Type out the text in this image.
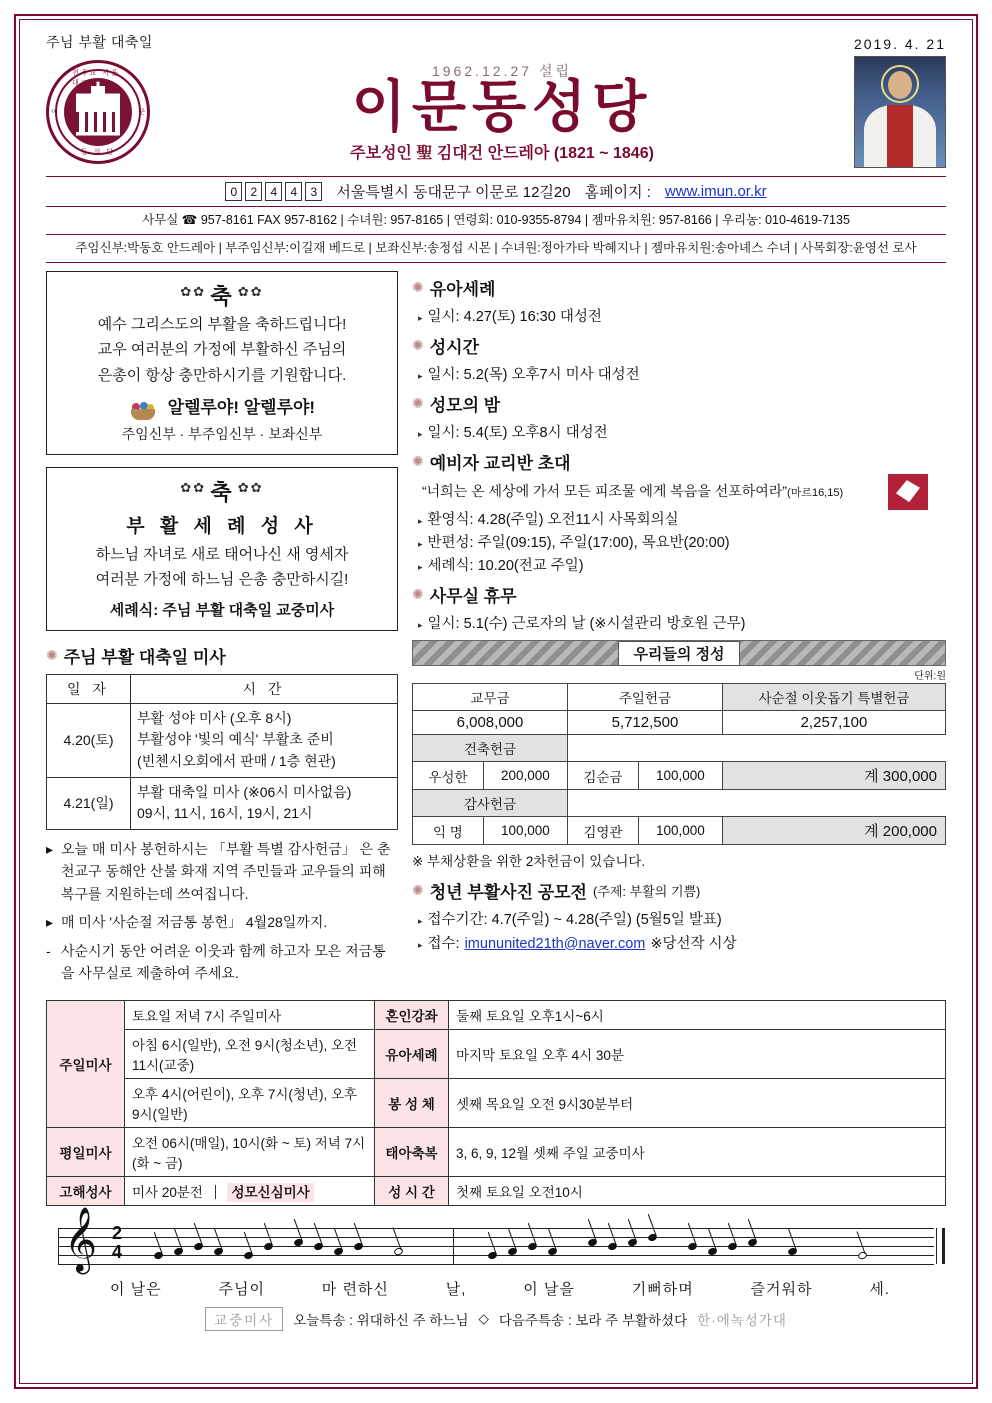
주님 부활 대축일	2019. 4. 21
천주교 서울대교구
이	문
동 성 당
1962.12.27 설립
이문동성당
주보성인 聖 김대건 안드레아 (1821 ~ 1846)
0	2	4	4	3	서울특별시 동대문구 이문로 12길20 홈페이지 : www.imun.or.kr
사무실 ☎ 957-8161 FAX 957-8162 | 수녀원: 957-8165 | 연령회: 010-9355-8794 | 젬마유치원: 957-8166 | 우리농: 010-4619-7135
주임신부:박동호 안드레아 | 부주임신부:이길재 베드로 | 보좌신부:송정섭 시몬 | 수녀원:정아가타 박혜지나 | 젬마유치원:송아녜스 수녀 | 사목회장:윤영선 로사
✿✿ 축 ✿✿

예수 그리스도의 부활을 축하드립니다!

교우 여러분의 가정에 부활하신 주님의

은총이 항상 충만하시기를 기원합니다.

알렐루야! 알렐루야!
주임신부 · 부주임신부 · 보좌신부
✿✿ 축 ✿✿
부 활 세 례 성 사

하느님 자녀로 새로 태어나신 새 영세자

여러분 가정에 하느님 은총 충만하시길!

세례식: 주님 부활 대축일 교중미사
✺ 주님 부활 대축일 미사
일 자	시 간
4.20(토)	부활 성야 미사 (오후 8시)
부활성야 '빛의 예식' 부활초 준비
(빈첸시오회에서 판매 / 1층 현관)

4.21(일)	부활 대축일 미사 (※06시 미사없음)
09시, 11시, 16시, 19시, 21시
▸ 오늘 매 미사 봉헌하시는 「부활 특별 감사헌금」 은 춘천교구 동해안 산불 화재 지역 주민들과 교우들의 피해 복구를 지원하는데 쓰여집니다.
▸ 매 미사 '사순절 저금통 봉헌」 4월28일까지.
- 사순시기 동안 어려운 이웃과 함께 하고자 모은 저금통을 사무실로 제출하여 주세요.
✺ 유아세례
▸ 일시: 4.27(토) 16:30 대성전
✺ 성시간
▸ 일시: 5.2(목) 오후7시 미사 대성전
✺ 성모의 밤
▸ 일시: 5.4(토) 오후8시 대성전
✺ 예비자 교리반 초대
“너희는 온 세상에 가서 모든 피조물 에게 복음을 선포하여라”(마르16,15)
▸ 환영식: 4.28(주일) 오전11시 사목회의실
▸ 반편성: 주일(09:15), 주일(17:00), 목요반(20:00)
▸ 세례식: 10.20(전교 주일)
✺ 사무실 휴무
▸ 일시: 5.1(수) 근로자의 날 (※시설관리 방호원 근무)
우리들의 정성
단위:원
교무금		주일헌금		사순절 이웃돕기 특별헌금
6,008,000		5,712,500		2,257,100
건축헌금				
우성한	200,000	김순금	100,000	계 300,000
감사헌금				
익 명	100,000	김영관	100,000	계 200,000
※ 부채상환을 위한 2차헌금이 있습니다.
✺ 청년 부활사진 공모전 (주제: 부활의 기쁨)
▸ 접수기간: 4.7(주일) ~ 4.28(주일) (5월5일 발표)
▸ 접수: imununited21th@naver.com ※당선작 시상
주일미사	토요일 저녁 7시 주일미사	혼인강좌	둘째 토요일 오후1시~6시
	아침 6시(일반), 오전 9시(청소년), 오전 11시(교중)	유아세례	마지막 토요일 오후 4시 30분
	오후 4시(어린이), 오후 7시(청년), 오후 9시(일반)	봉 성 체	셋째 목요일 오전 9시30분부터
평일미사	오전 06시(매일), 10시(화 ~ 토) 저녁 7시(화 ~ 금)	태아축복	3, 6, 9, 12월 셋째 주일 교중미사
고해성사	미사 20분전 성모신심미사	성 시 간	첫째 토요일 오전10시
𝄞 2
4
이 날은	주님이	마 련하신	날,	이 날을	기뻐하며	즐거워하	세.
교중미사	오늘특송 : 위대하신 주 하느님 ◇ 다음주특송 : 보라 주 부활하셨다 한·에녹성가대
